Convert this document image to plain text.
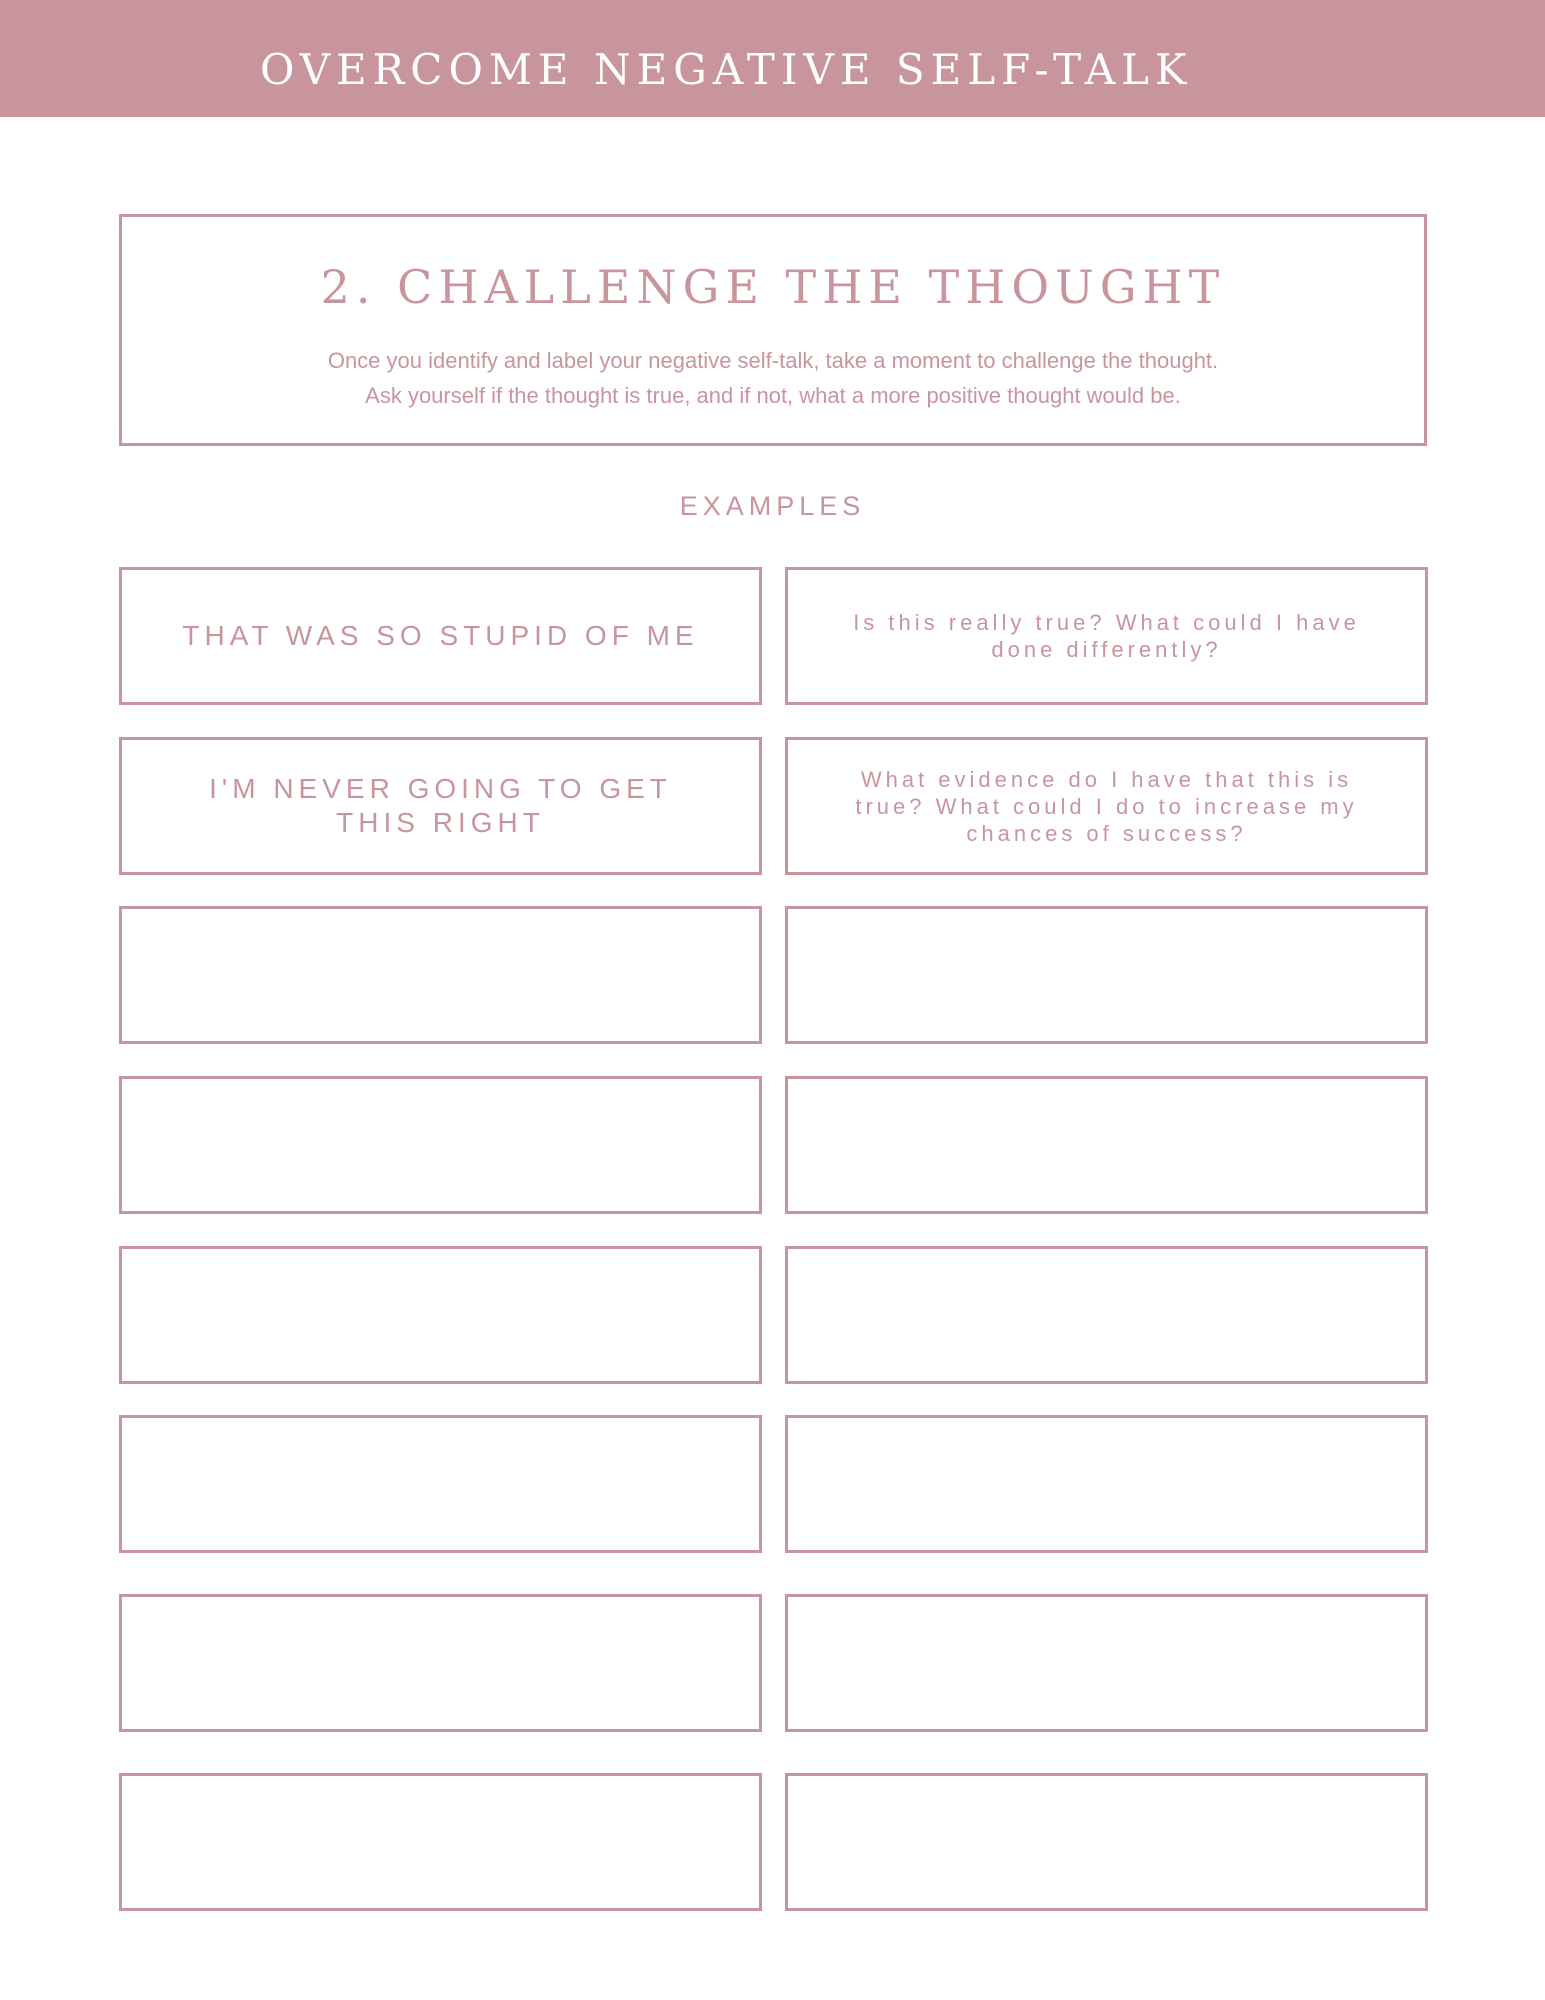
OVERCOME NEGATIVE SELF-TALK
2. CHALLENGE THE THOUGHT

Once you identify and label your negative self-talk, take a moment to challenge the thought.
Ask yourself if the thought is true, and if not, what a more positive thought would be.

EXAMPLES
THAT WAS SO STUPID OF ME	Is this really true? What could I have done differently?
I'M NEVER GOING TO GET THIS RIGHT
What evidence do I have that this is true? What could I do to increase my chances of success?
